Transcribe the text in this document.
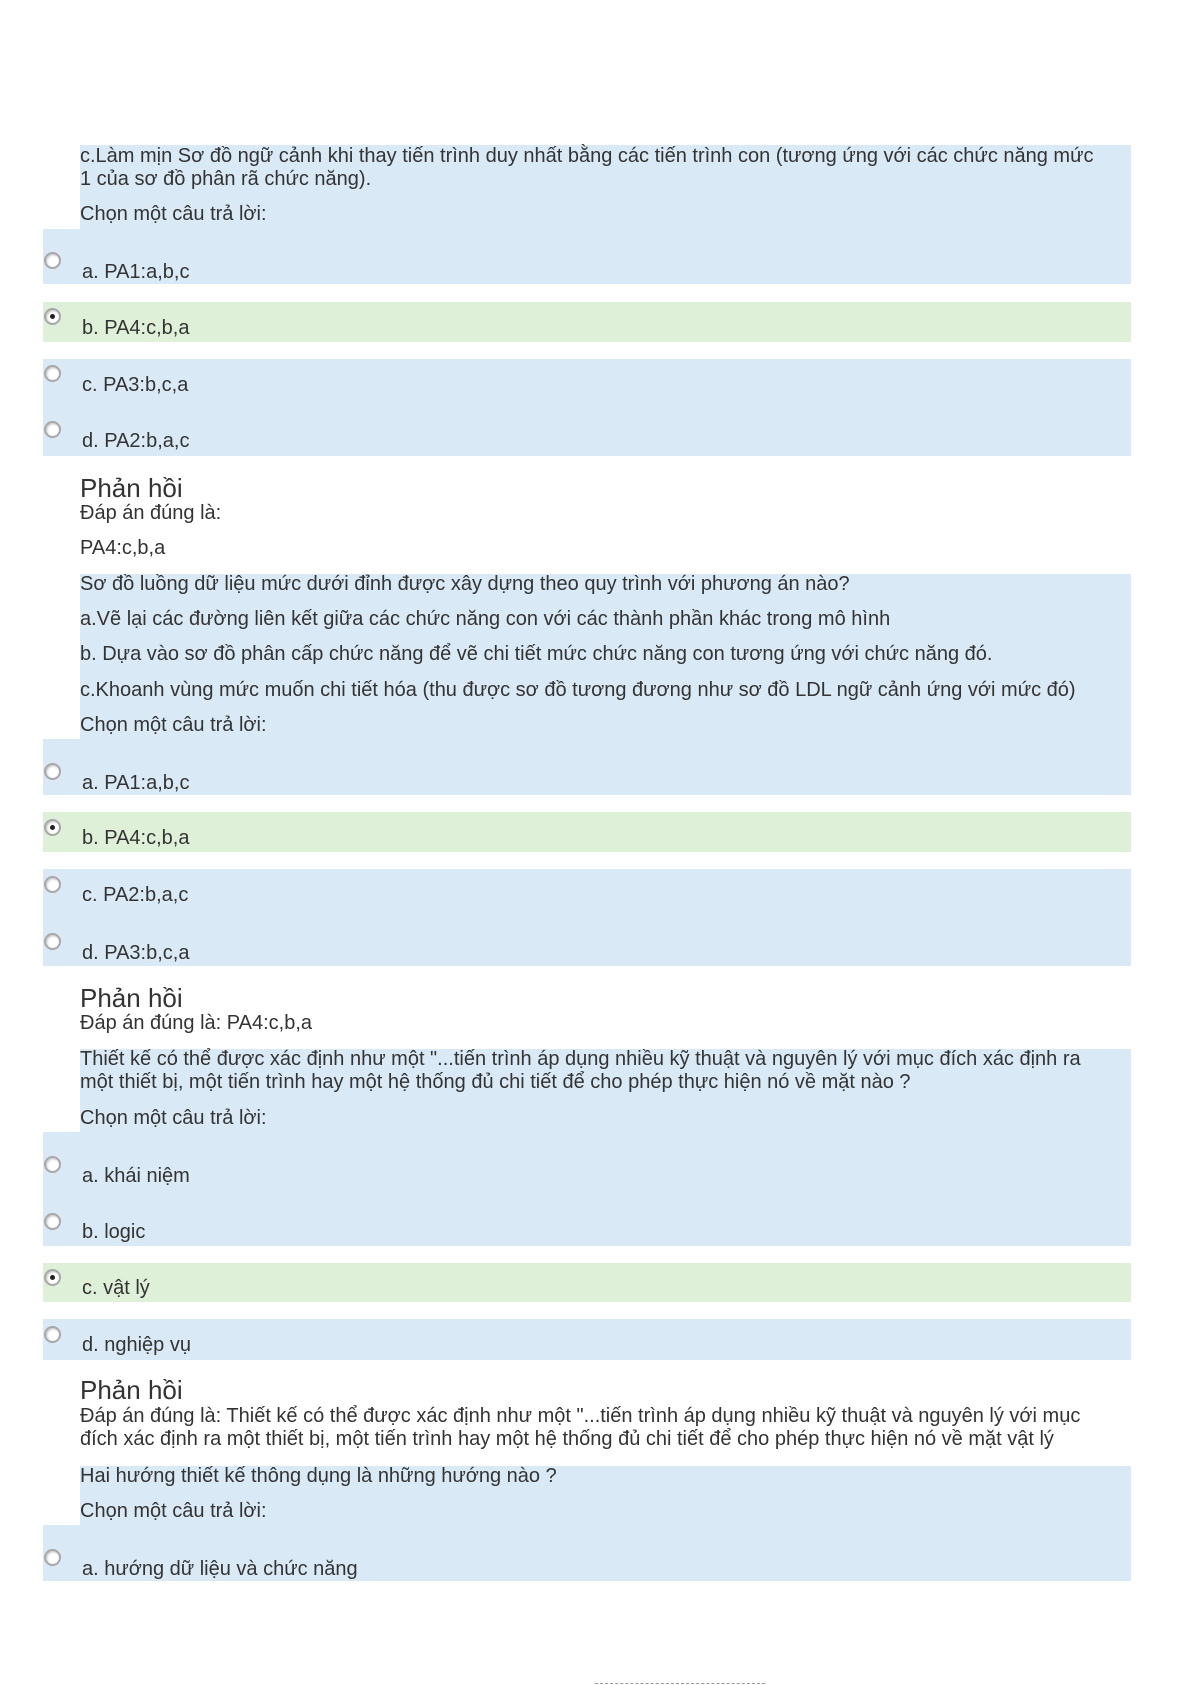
c.Làm mịn Sơ đồ ngữ cảnh khi thay tiến trình duy nhất bằng các tiến trình con (tương ứng với các chức năng mức
1 của sơ đồ phân rã chức năng).
Chọn một câu trả lời:
a. PA1:a,b,c
b. PA4:c,b,a
c. PA3:b,c,a
d. PA2:b,a,c
Phản hồi
Đáp án đúng là:
PA4:c,b,a
Sơ đồ luồng dữ liệu mức dưới đỉnh được xây dựng theo quy trình với phương án nào?
a.Vẽ lại các đường liên kết giữa các chức năng con với các thành phần khác trong mô hình
b. Dựa vào sơ đồ phân cấp chức năng để vẽ chi tiết mức chức năng con tương ứng với chức năng đó.
c.Khoanh vùng mức muốn chi tiết hóa (thu được sơ đồ tương đương như sơ đồ LDL ngữ cảnh ứng với mức đó)
Chọn một câu trả lời:
a. PA1:a,b,c
b. PA4:c,b,a
c. PA2:b,a,c
d. PA3:b,c,a
Phản hồi
Đáp án đúng là: PA4:c,b,a
Thiết kế có thể được xác định như một "...tiến trình áp dụng nhiều kỹ thuật và nguyên lý với mục đích xác định ra
một thiết bị, một tiến trình hay một hệ thống đủ chi tiết để cho phép thực hiện nó về mặt nào ?
Chọn một câu trả lời:
a. khái niệm
b. logic
c. vật lý
d. nghiệp vụ
Phản hồi
Đáp án đúng là: Thiết kế có thể được xác định như một "...tiến trình áp dụng nhiều kỹ thuật và nguyên lý với mục
đích xác định ra một thiết bị, một tiến trình hay một hệ thống đủ chi tiết để cho phép thực hiện nó về mặt vật lý
Hai hướng thiết kế thông dụng là những hướng nào ?
Chọn một câu trả lời:
a. hướng dữ liệu và chức năng
